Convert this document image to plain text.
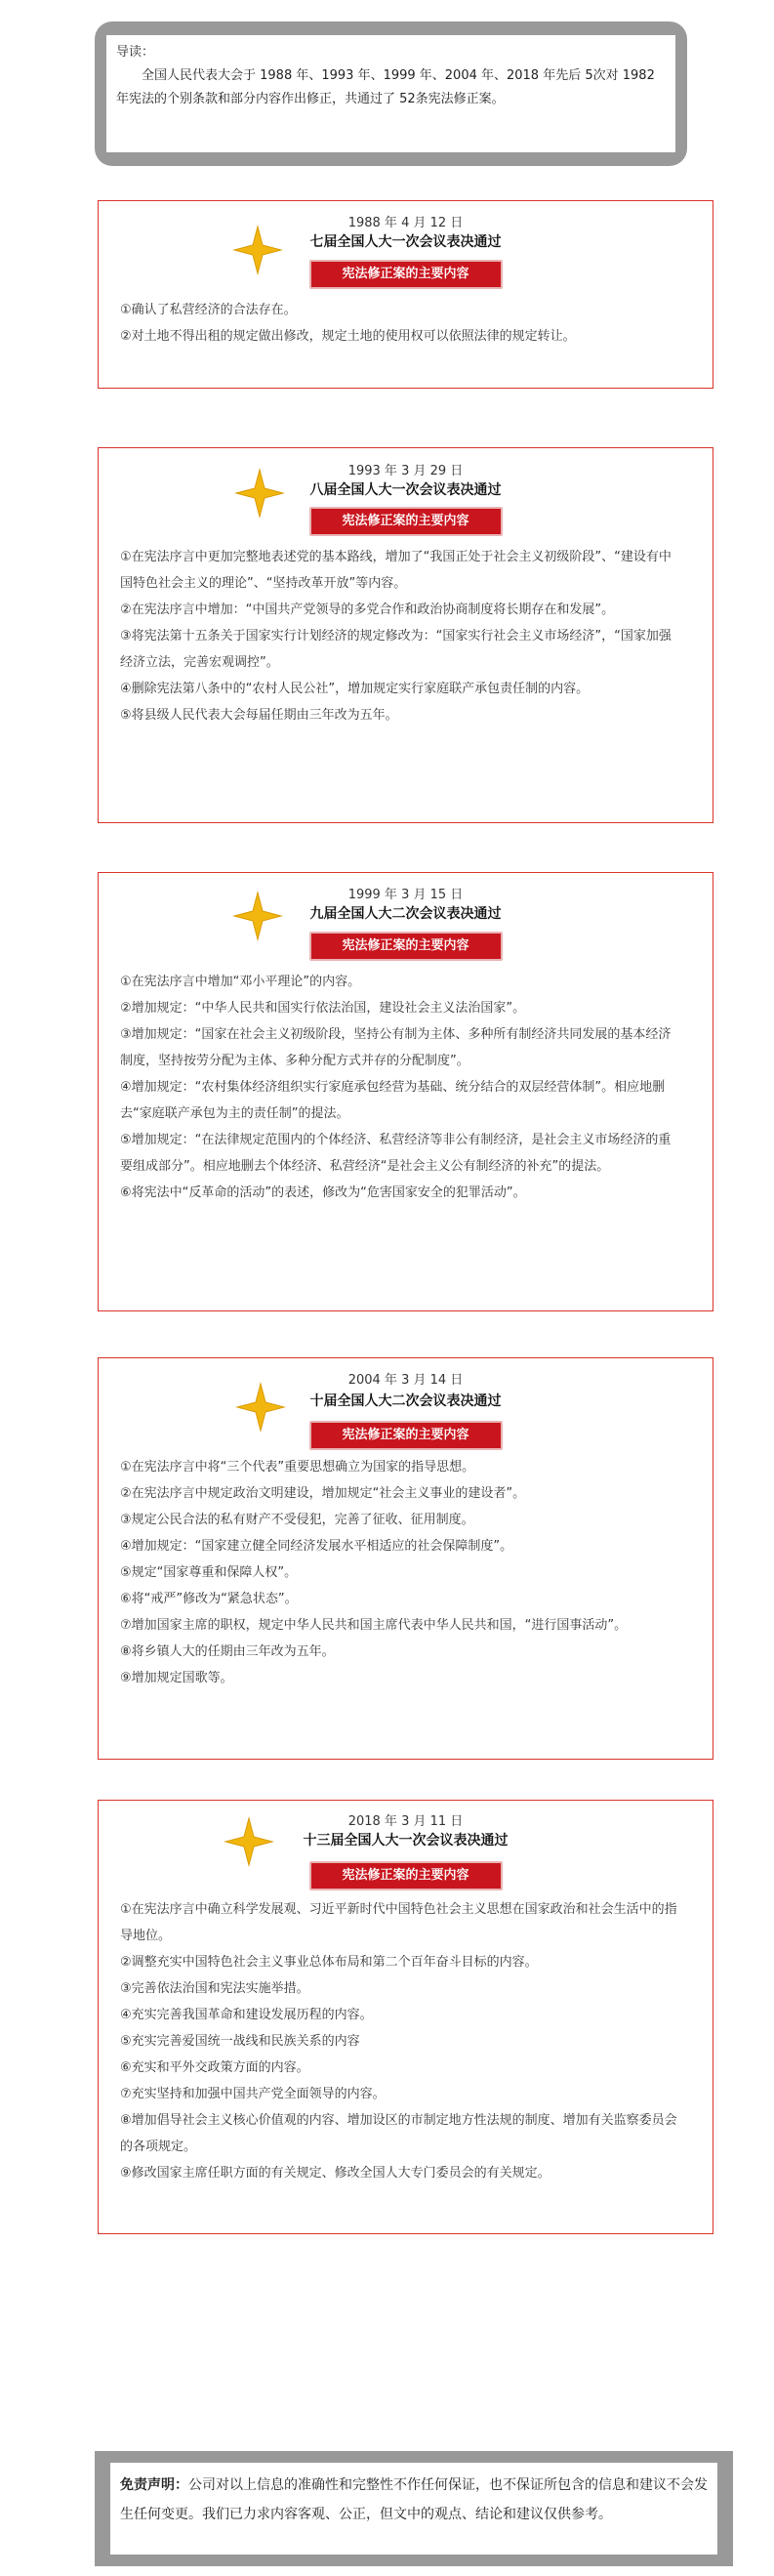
导读：

全国人民代表大会于 1988 年、1993 年、1999 年、2004 年、2018 年先后 5次对 1982 年宪法的个别条款和部分内容作出修正，共通过了 52条宪法修正案。

1988 年 4 月 12 日
七届全国人大一次会议表决通过
宪法修正案的主要内容
①确认了私营经济的合法存在。
②对土地不得出租的规定做出修改，规定土地的使用权可以依照法律的规定转让。
1993 年 3 月 29 日
八届全国人大一次会议表决通过
宪法修正案的主要内容
①在宪法序言中更加完整地表述党的基本路线，增加了“我国正处于社会主义初级阶段”、“建设有中国特色社会主义的理论”、“坚持改革开放”等内容。
②在宪法序言中增加：“中国共产党领导的多党合作和政治协商制度将长期存在和发展”。
③将宪法第十五条关于国家实行计划经济的规定修改为：“国家实行社会主义市场经济”，“国家加强经济立法，完善宏观调控”。
④删除宪法第八条中的“农村人民公社”，增加规定实行家庭联产承包责任制的内容。
⑤将县级人民代表大会每届任期由三年改为五年。
1999 年 3 月 15 日
九届全国人大二次会议表决通过
宪法修正案的主要内容
①在宪法序言中增加“邓小平理论”的内容。
②增加规定：“中华人民共和国实行依法治国，建设社会主义法治国家”。
③增加规定：“国家在社会主义初级阶段，坚持公有制为主体、多种所有制经济共同发展的基本经济制度，坚持按劳分配为主体、多种分配方式并存的分配制度”。
④增加规定：“农村集体经济组织实行家庭承包经营为基础、统分结合的双层经营体制”。相应地删去“家庭联产承包为主的责任制”的提法。
⑤增加规定：“在法律规定范围内的个体经济、私营经济等非公有制经济，是社会主义市场经济的重要组成部分”。相应地删去个体经济、私营经济“是社会主义公有制经济的补充”的提法。
⑥将宪法中“反革命的活动”的表述，修改为“危害国家安全的犯罪活动”。
2004 年 3 月 14 日
十届全国人大二次会议表决通过
宪法修正案的主要内容
①在宪法序言中将“三个代表”重要思想确立为国家的指导思想。
②在宪法序言中规定政治文明建设，增加规定“社会主义事业的建设者”。
③规定公民合法的私有财产不受侵犯，完善了征收、征用制度。
④增加规定：“国家建立健全同经济发展水平相适应的社会保障制度”。
⑤规定“国家尊重和保障人权”。
⑥将“戒严”修改为“紧急状态”。
⑦增加国家主席的职权，规定中华人民共和国主席代表中华人民共和国，“进行国事活动”。
⑧将乡镇人大的任期由三年改为五年。
⑨增加规定国歌等。
2018 年 3 月 11 日
十三届全国人大一次会议表决通过
宪法修正案的主要内容
①在宪法序言中确立科学发展观、习近平新时代中国特色社会主义思想在国家政治和社会生活中的指导地位。
②调整充实中国特色社会主义事业总体布局和第二个百年奋斗目标的内容。
③完善依法治国和宪法实施举措。
④充实完善我国革命和建设发展历程的内容。
⑤充实完善爱国统一战线和民族关系的内容
⑥充实和平外交政策方面的内容。
⑦充实坚持和加强中国共产党全面领导的内容。
⑧增加倡导社会主义核心价值观的内容、增加设区的市制定地方性法规的制度、增加有关监察委员会的各项规定。
⑨修改国家主席任职方面的有关规定、修改全国人大专门委员会的有关规定。
免责声明：公司对以上信息的准确性和完整性不作任何保证，也不保证所包含的信息和建议不会发生任何变更。我们已力求内容客观、公正，但文中的观点、结论和建议仅供参考。
